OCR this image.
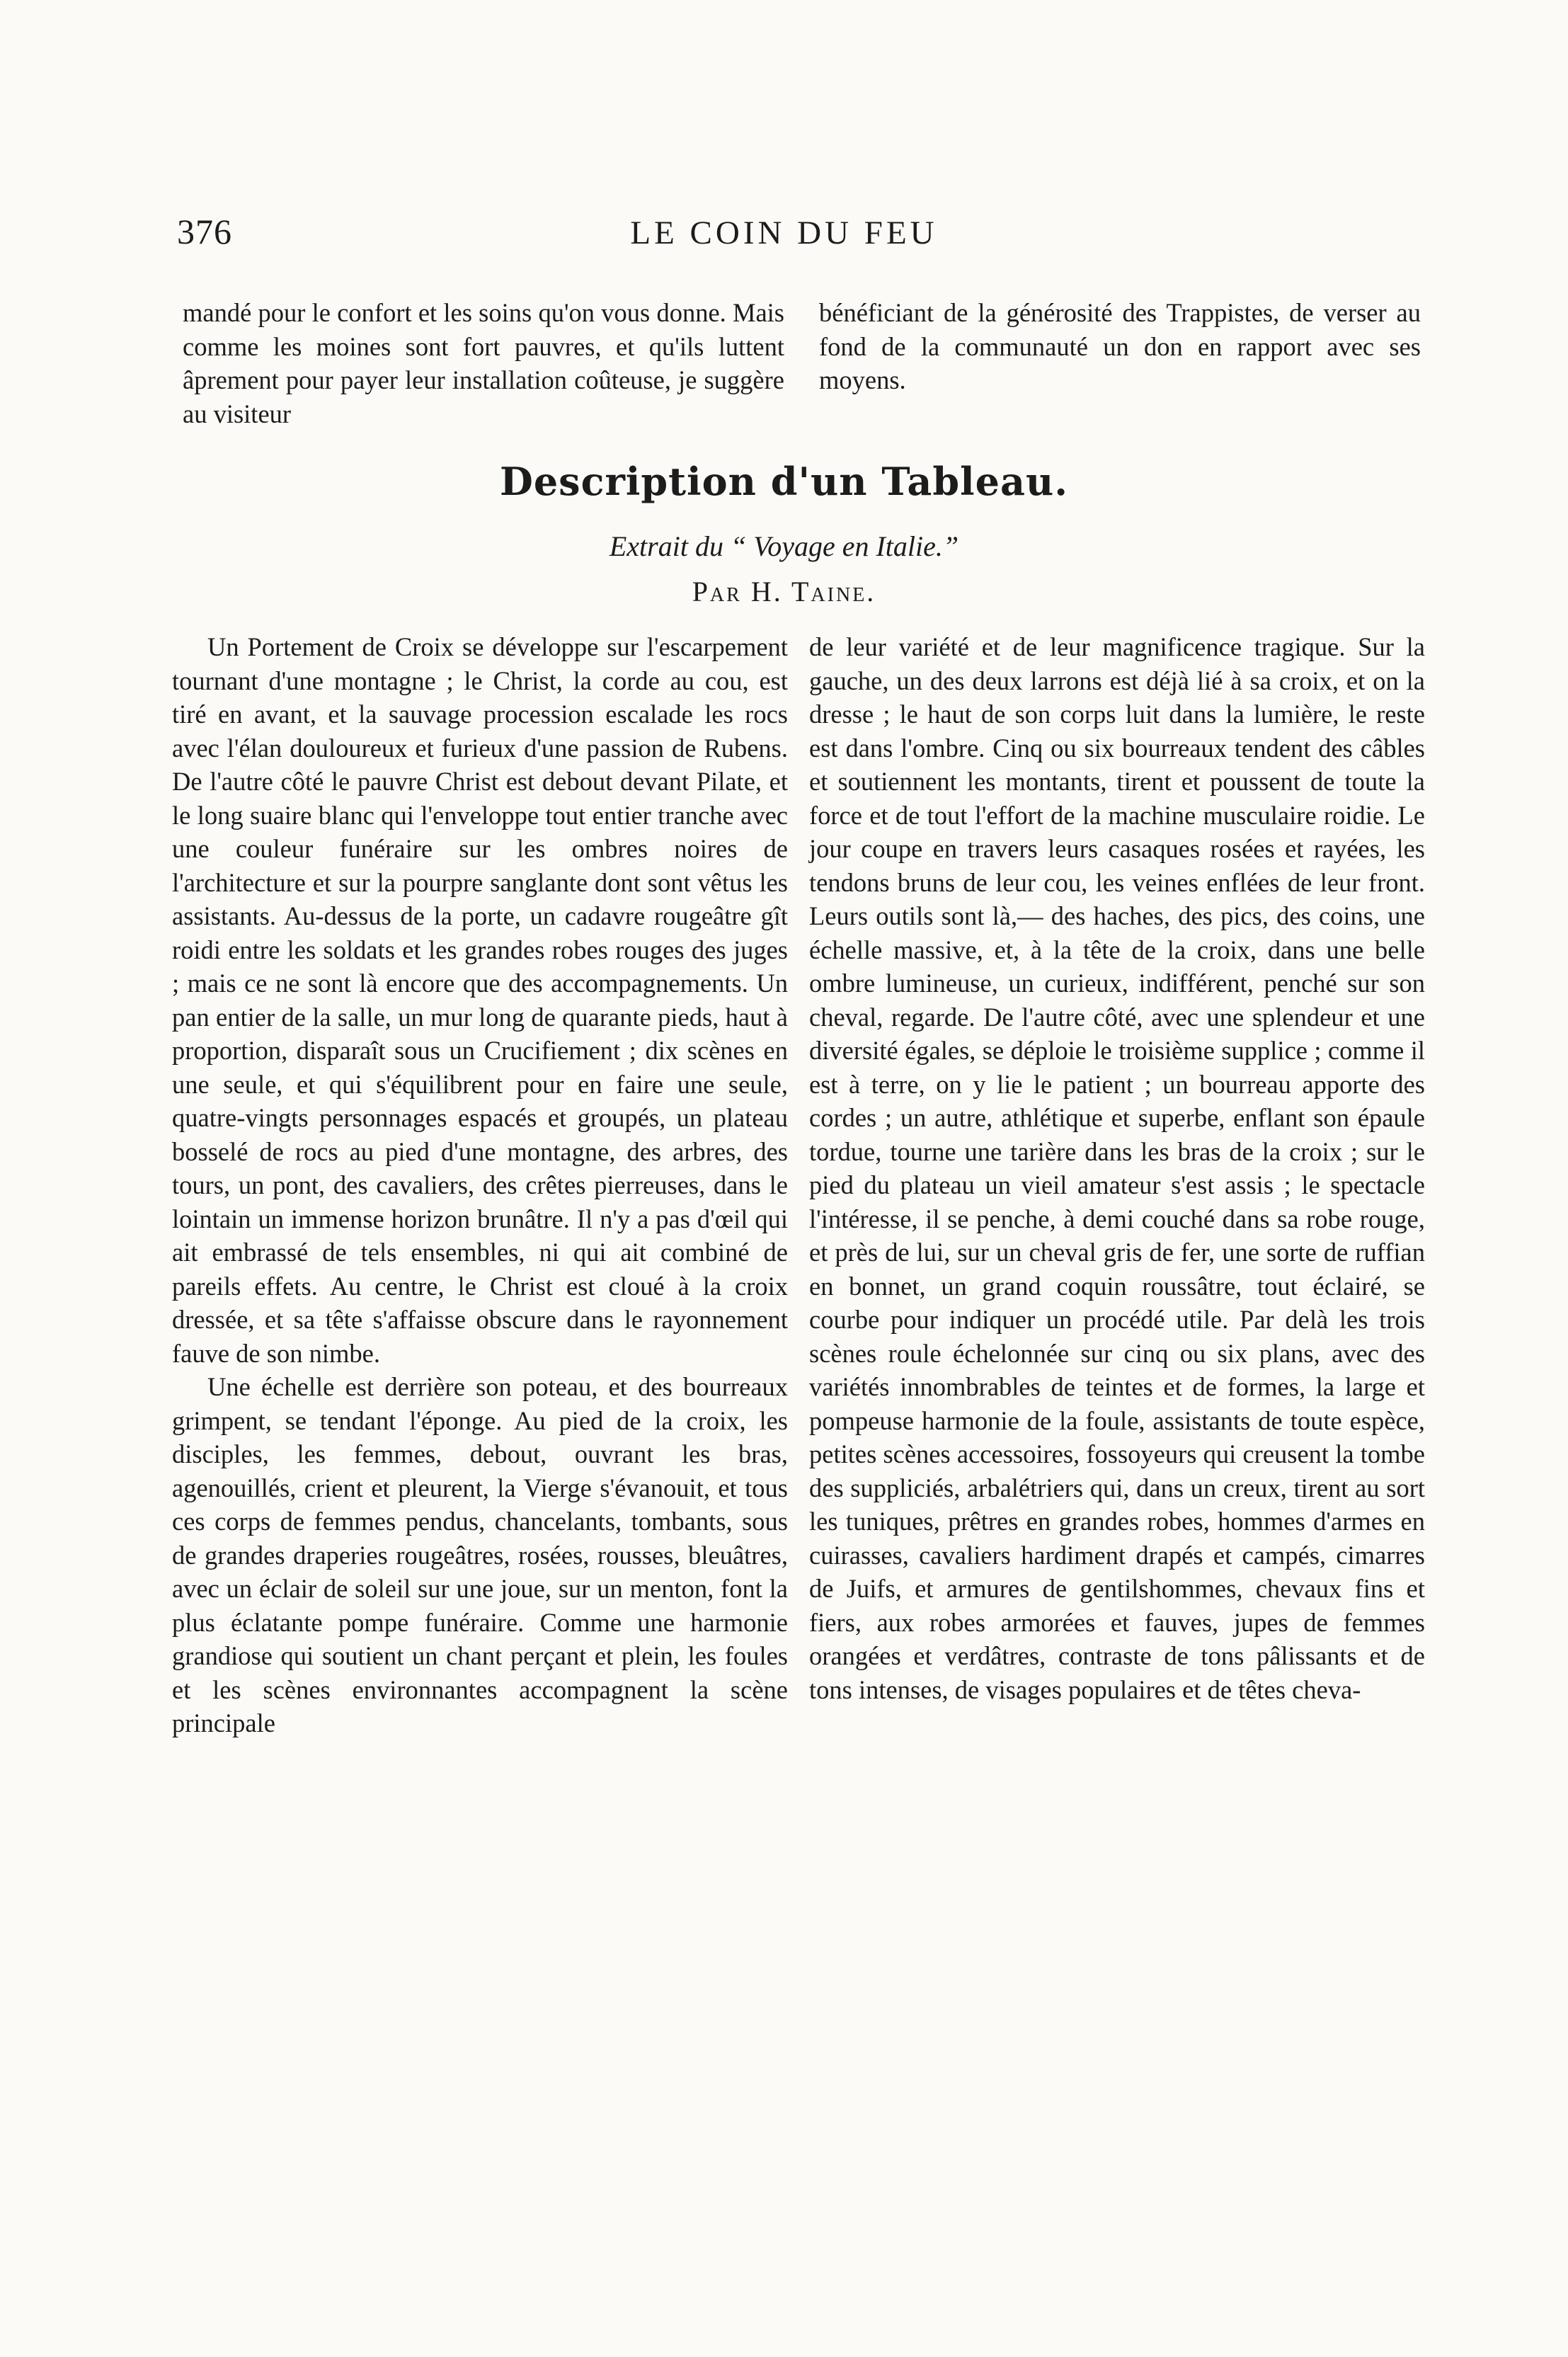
376	LE COIN DU FEU

mandé pour le confort et les soins qu'on vous donne. Mais comme les moines sont fort pauvres, et qu'ils luttent âprement pour payer leur installation coûteuse, je suggère au visiteur

bénéficiant de la générosité des Trappistes, de verser au fond de la communauté un don en rapport avec ses moyens.

Description d'un Tableau.
Extrait du “ Voyage en Italie.”
Par H. Taine.

Un Portement de Croix se développe sur l'escarpement tournant d'une montagne ; le Christ, la corde au cou, est tiré en avant, et la sauvage procession escalade les rocs avec l'élan douloureux et furieux d'une passion de Rubens. De l'autre côté le pauvre Christ est debout devant Pilate, et le long suaire blanc qui l'enveloppe tout entier tranche avec une couleur funéraire sur les ombres noires de l'architecture et sur la pourpre sanglante dont sont vêtus les assistants. Au-dessus de la porte, un cadavre rougeâtre gît roidi entre les soldats et les grandes robes rouges des juges ; mais ce ne sont là encore que des accompagnements. Un pan entier de la salle, un mur long de quarante pieds, haut à proportion, disparaît sous un Crucifiement ; dix scènes en une seule, et qui s'équilibrent pour en faire une seule, quatre-vingts personnages espacés et groupés, un plateau bosselé de rocs au pied d'une montagne, des arbres, des tours, un pont, des cavaliers, des crêtes pierreuses, dans le lointain un immense horizon brunâtre. Il n'y a pas d'œil qui ait embrassé de tels ensembles, ni qui ait combiné de pareils effets. Au centre, le Christ est cloué à la croix dressée, et sa tête s'affaisse obscure dans le rayonnement fauve de son nimbe.

Une échelle est derrière son poteau, et des bourreaux grimpent, se tendant l'éponge. Au pied de la croix, les disciples, les femmes, debout, ouvrant les bras, agenouillés, crient et pleurent, la Vierge s'évanouit, et tous ces corps de femmes pendus, chancelants, tombants, sous de grandes draperies rougeâtres, rosées, rousses, bleuâtres, avec un éclair de soleil sur une joue, sur un menton, font la plus éclatante pompe funéraire. Comme une harmonie grandiose qui soutient un chant perçant et plein, les foules et les scènes environnantes accompagnent la scène principale

de leur variété et de leur magnificence tragique. Sur la gauche, un des deux larrons est déjà lié à sa croix, et on la dresse ; le haut de son corps luit dans la lumière, le reste est dans l'ombre. Cinq ou six bourreaux tendent des câbles et soutiennent les montants, tirent et poussent de toute la force et de tout l'effort de la machine musculaire roidie. Le jour coupe en travers leurs casaques rosées et rayées, les tendons bruns de leur cou, les veines enflées de leur front. Leurs outils sont là,— des haches, des pics, des coins, une échelle massive, et, à la tête de la croix, dans une belle ombre lumineuse, un curieux, indifférent, penché sur son cheval, regarde. De l'autre côté, avec une splendeur et une diversité égales, se déploie le troisième supplice ; comme il est à terre, on y lie le patient ; un bourreau apporte des cordes ; un autre, athlétique et superbe, enflant son épaule tordue, tourne une tarière dans les bras de la croix ; sur le pied du plateau un vieil amateur s'est assis ; le spectacle l'intéresse, il se penche, à demi couché dans sa robe rouge, et près de lui, sur un cheval gris de fer, une sorte de ruffian en bonnet, un grand coquin roussâtre, tout éclairé, se courbe pour indiquer un procédé utile. Par delà les trois scènes roule échelonnée sur cinq ou six plans, avec des variétés innombrables de teintes et de formes, la large et pompeuse harmonie de la foule, assistants de toute espèce, petites scènes accessoires, fossoyeurs qui creusent la tombe des suppliciés, arbalétriers qui, dans un creux, tirent au sort les tuniques, prêtres en grandes robes, hommes d'armes en cuirasses, cavaliers hardiment drapés et campés, cimarres de Juifs, et armures de gentilshommes, chevaux fins et fiers, aux robes armorées et fauves, jupes de femmes orangées et verdâtres, contraste de tons pâlissants et de tons intenses, de visages populaires et de têtes cheva-
